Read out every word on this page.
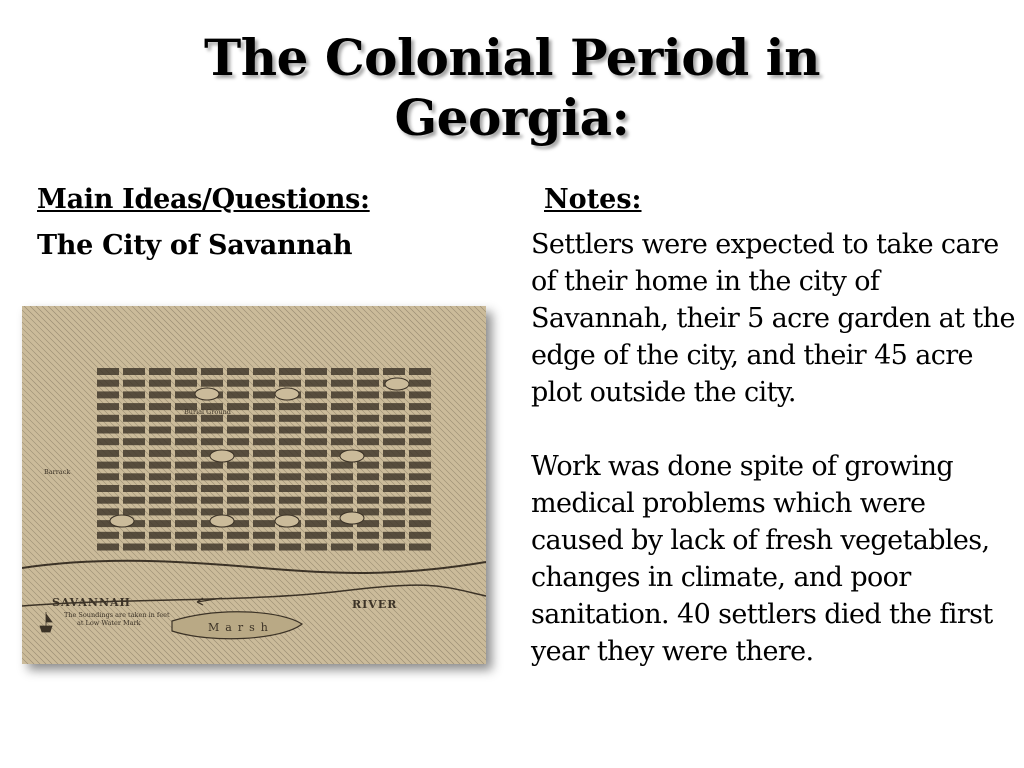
The Colonial Period in
Georgia:
Main Ideas/Questions:
The City of Savannah
Notes:

Settlers were expected to take care of their home in the city of Savannah, their 5 acre garden at the edge of the city, and their 45 acre plot outside the city.

Work was done spite of growing medical problems which were caused by lack of fresh vegetables, changes in climate, and poor sanitation. 40 settlers died the first year they were there.

SAVANNAH
The Soundings are taken in feet
at Low Water Mark
RIVER
Marsh
Barrack
Burial Ground
